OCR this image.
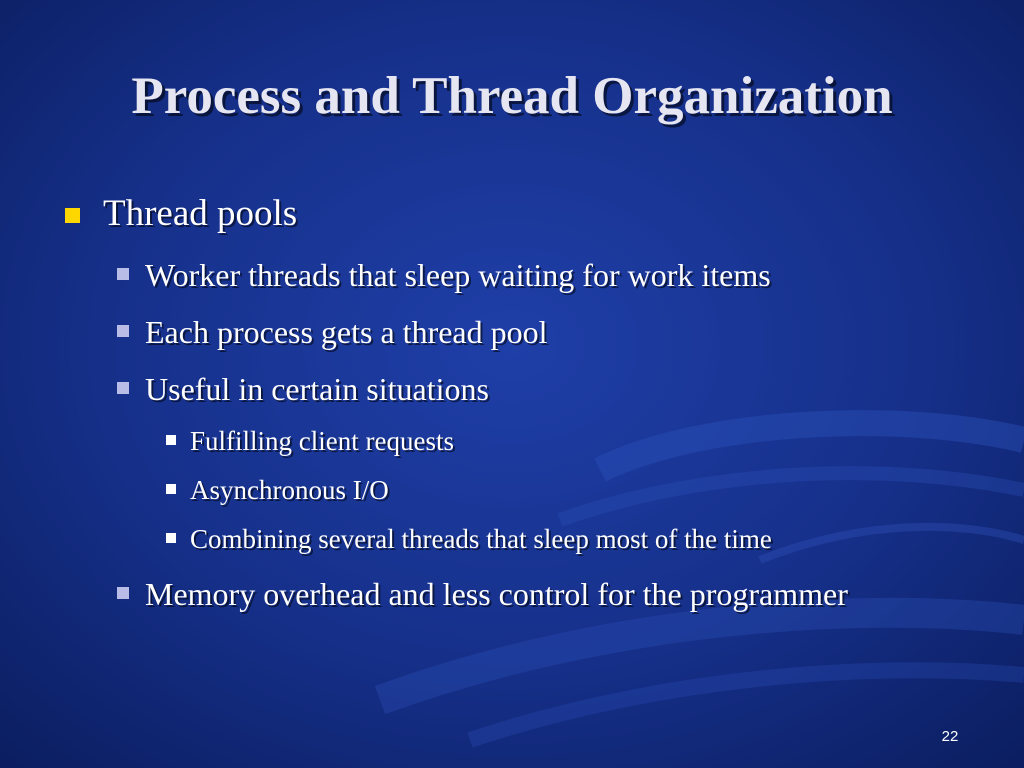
Process and Thread Organization
Thread pools
Worker threads that sleep waiting for work items
Each process gets a thread pool
Useful in certain situations
Fulfilling client requests
Asynchronous I/O
Combining several threads that sleep most of the time
Memory overhead and less control for the programmer
22
